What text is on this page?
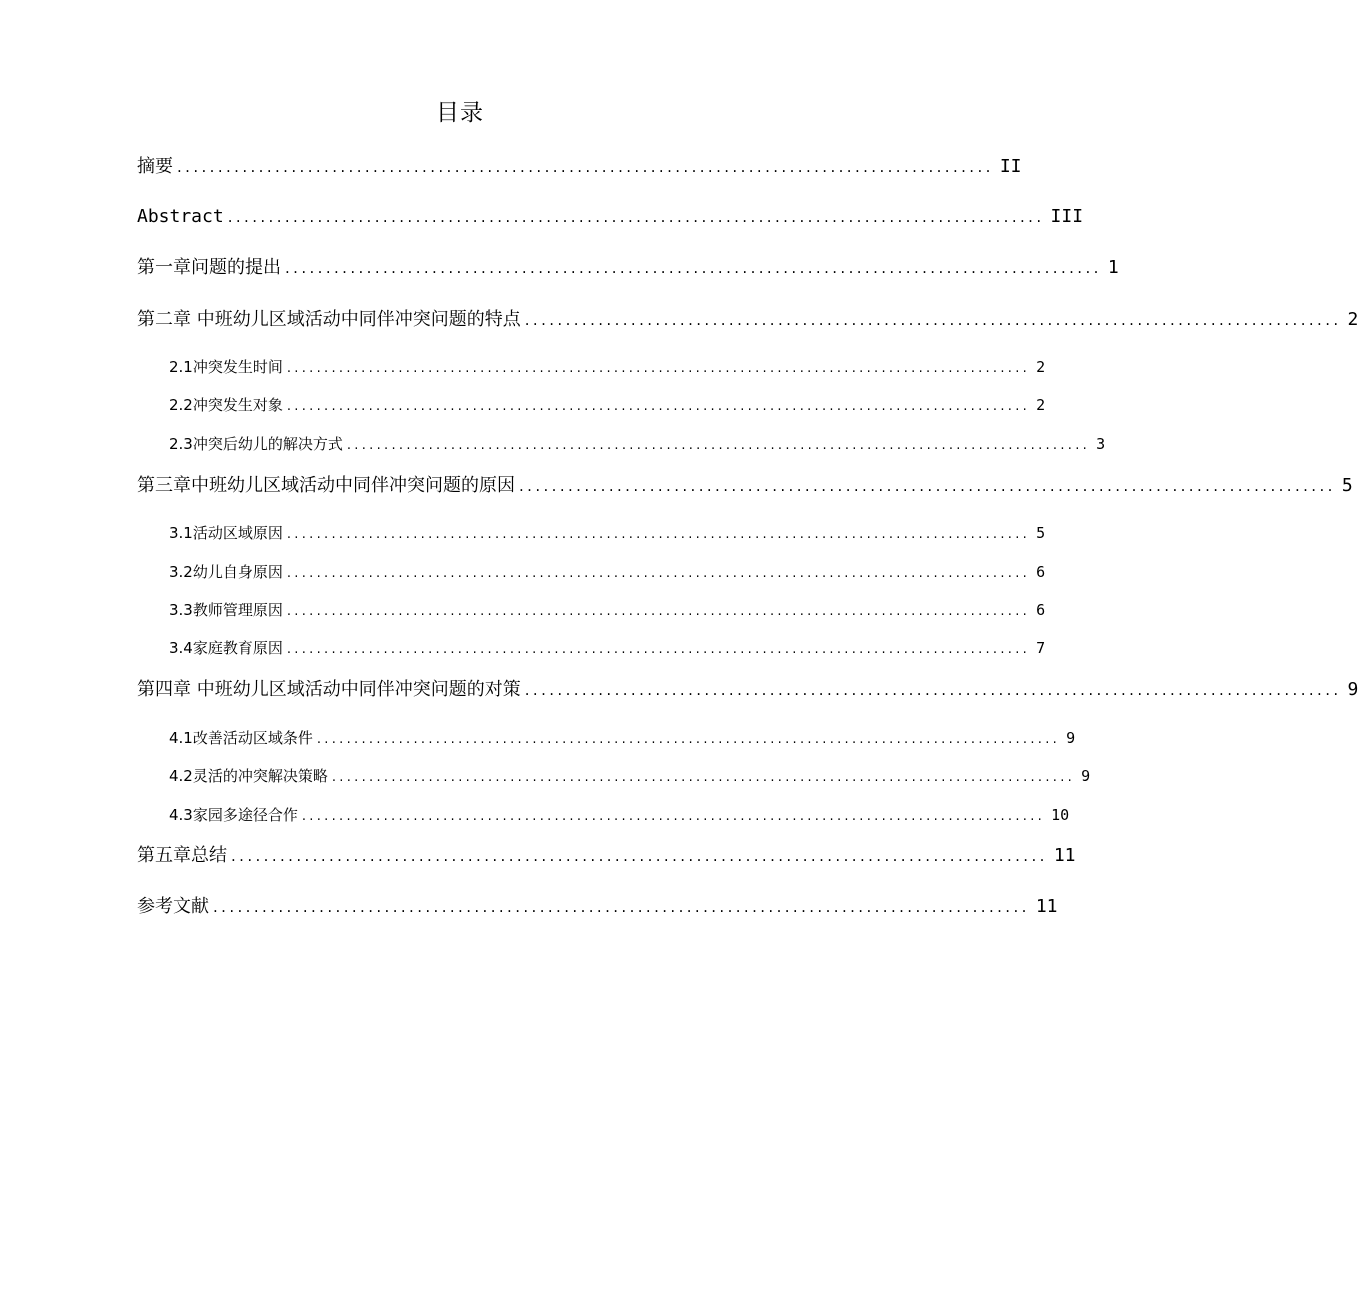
目录
摘要 .................................................................................................... II
Abstract .................................................................................................... III
第一章问题的提出 .................................................................................................... 1
第二章 中班幼儿区域活动中同伴冲突问题的特点 .................................................................................................... 2
2.1冲突发生时间 .................................................................................................... 2
2.2冲突发生对象 .................................................................................................... 2
2.3冲突后幼儿的解决方式 .................................................................................................... 3
第三章中班幼儿区域活动中同伴冲突问题的原因 .................................................................................................... 5
3.1活动区域原因 .................................................................................................... 5
3.2幼儿自身原因 .................................................................................................... 6
3.3教师管理原因 .................................................................................................... 6
3.4家庭教育原因 .................................................................................................... 7
第四章 中班幼儿区域活动中同伴冲突问题的对策 .................................................................................................... 9
4.1改善活动区域条件 .................................................................................................... 9
4.2灵活的冲突解决策略 .................................................................................................... 9
4.3家园多途径合作 .................................................................................................... 10
第五章总结 .................................................................................................... 11
参考文献 .................................................................................................... 11
